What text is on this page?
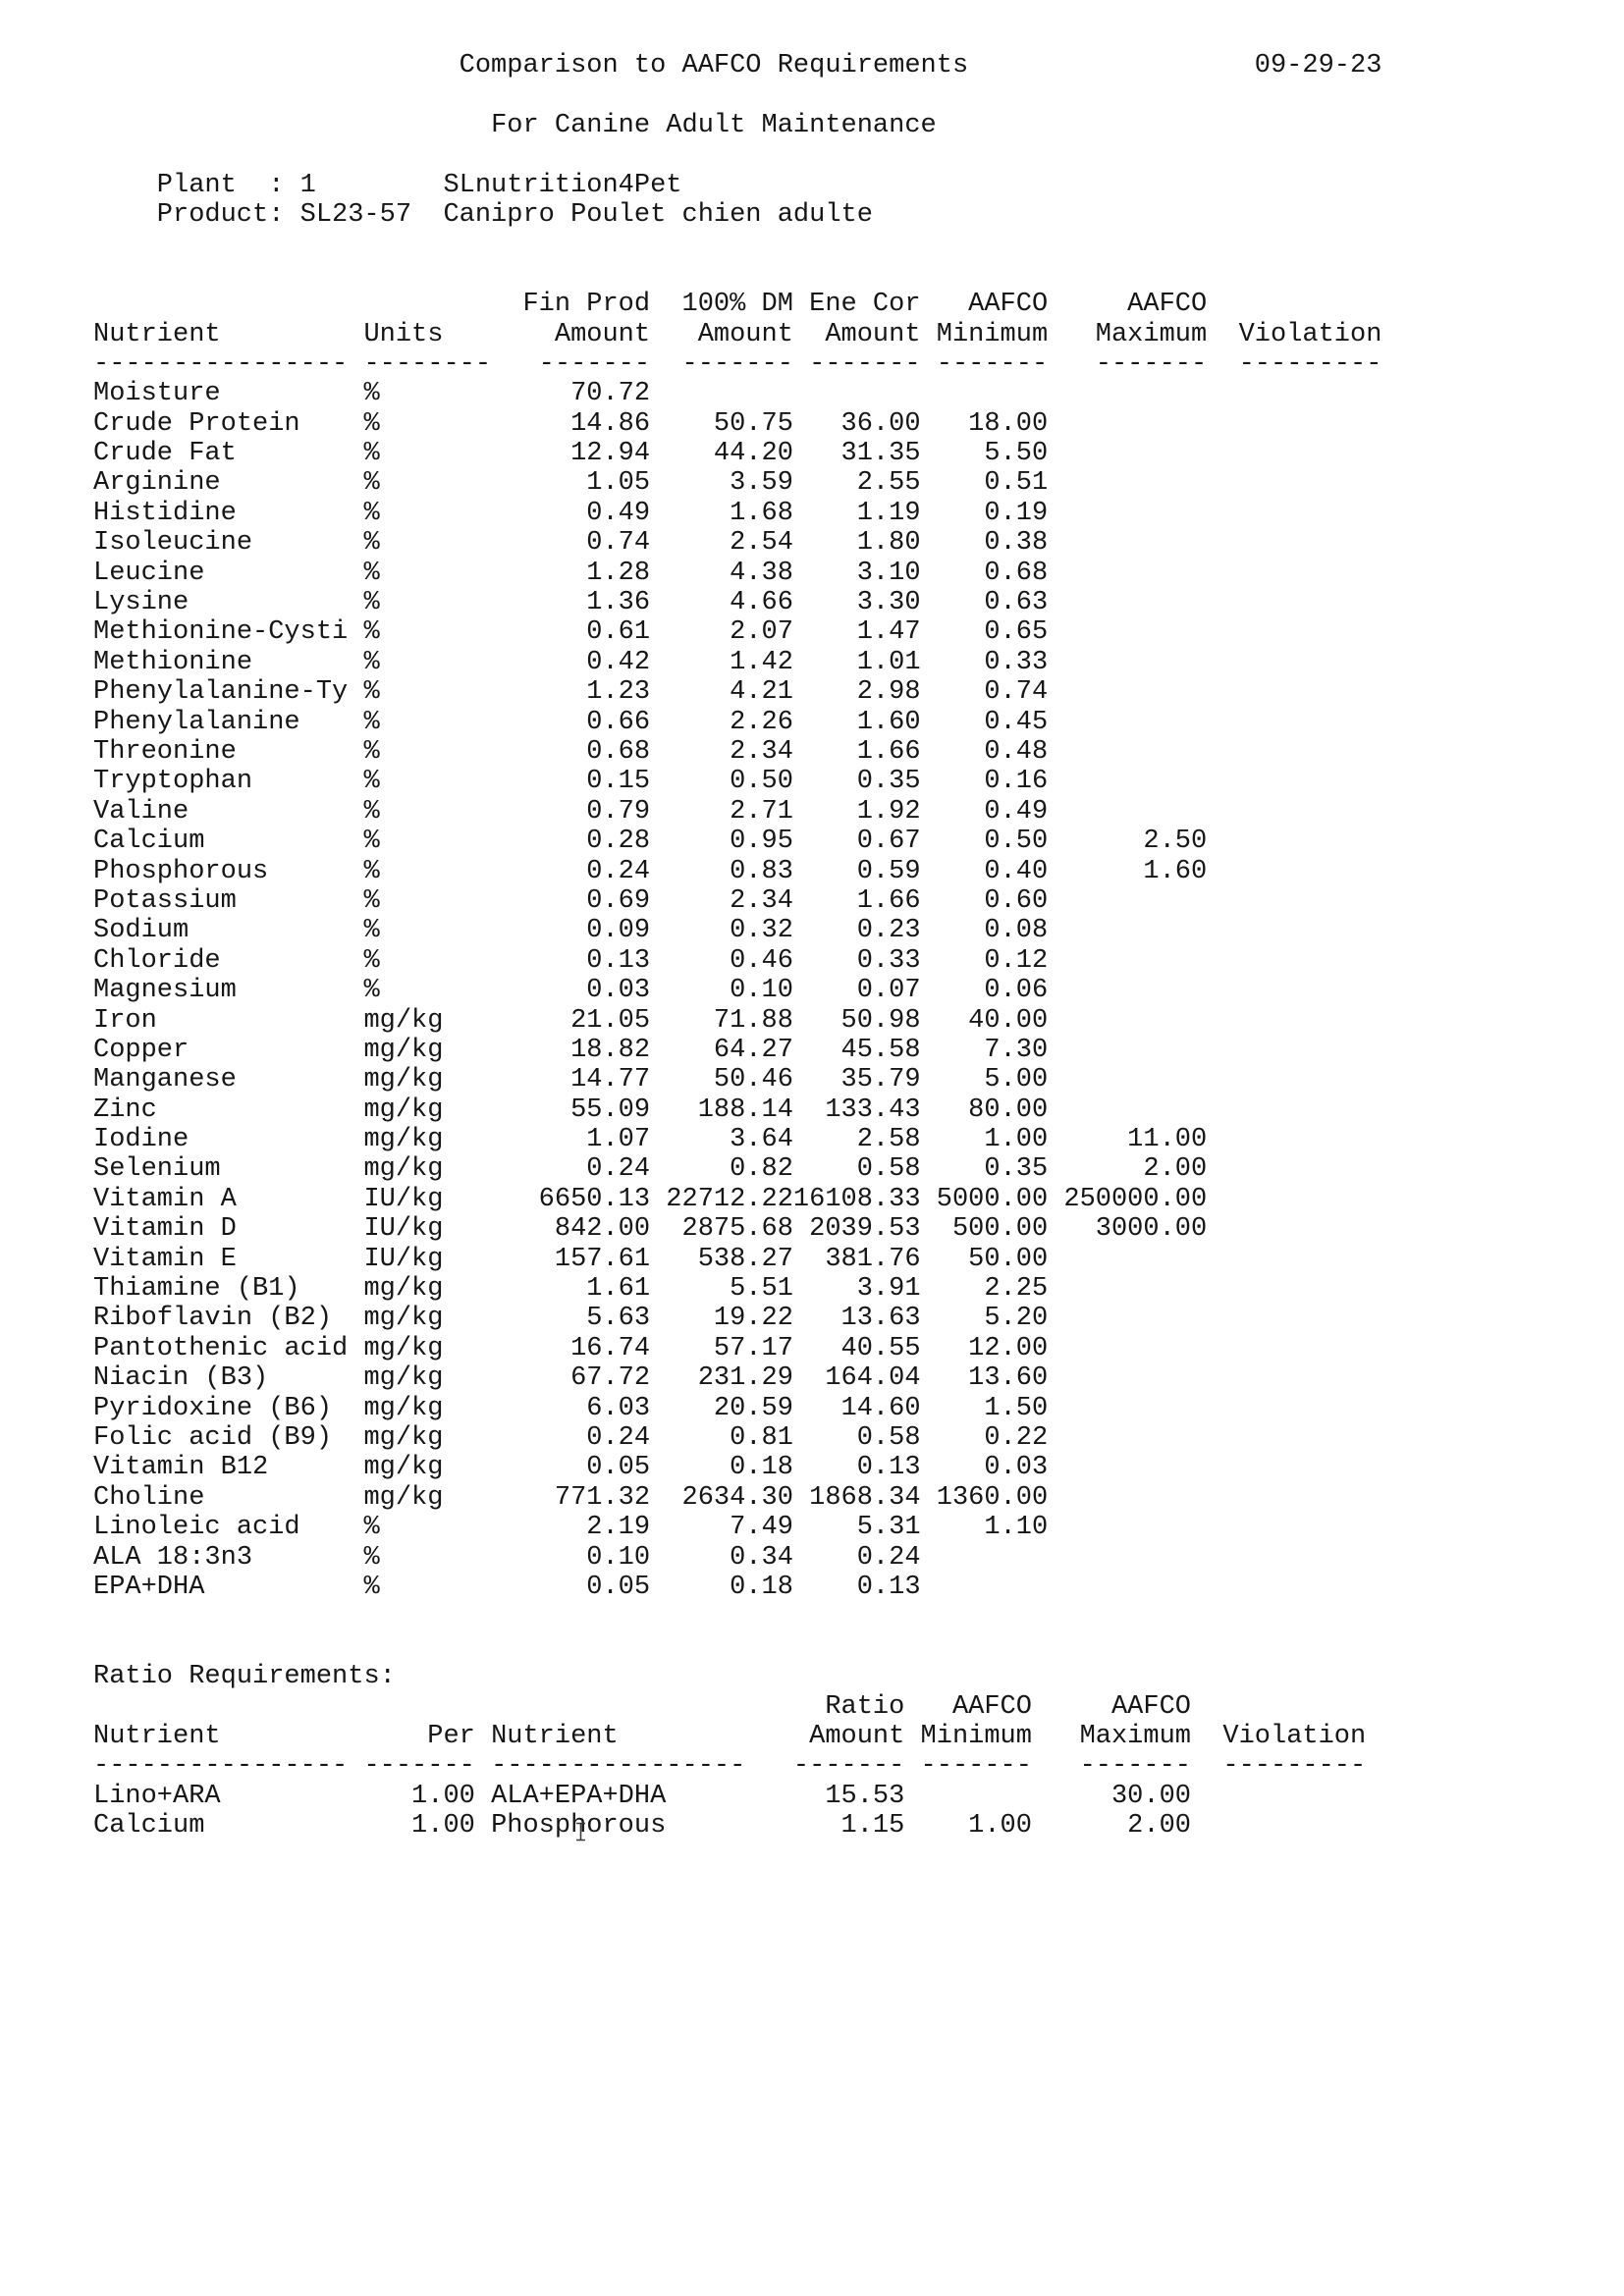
Comparison to AAFCO Requirements

	09-29-23

For Canine Adult Maintenance

Plant  :

1

	SLnutrition4Pet

Product:

SL23-57

Canipro Poulet chien adulte

Fin Prod  100% DM Ene Cor   AAFCO     AAFCO
Nutrient         Units       Amount   Amount  Amount Minimum   Maximum  Violation
---------------- --------   -------  ------- ------- -------   -------  ---------
Moisture         %            70.72
Crude Protein    %            14.86    50.75   36.00   18.00
Crude Fat        %            12.94    44.20   31.35    5.50
Arginine         %             1.05     3.59    2.55    0.51
Histidine        %             0.49     1.68    1.19    0.19
Isoleucine       %             0.74     2.54    1.80    0.38
Leucine          %             1.28     4.38    3.10    0.68
Lysine           %             1.36     4.66    3.30    0.63
Methionine-Cysti %             0.61     2.07    1.47    0.65
Methionine       %             0.42     1.42    1.01    0.33
Phenylalanine-Ty %             1.23     4.21    2.98    0.74
Phenylalanine    %             0.66     2.26    1.60    0.45
Threonine        %             0.68     2.34    1.66    0.48
Tryptophan       %             0.15     0.50    0.35    0.16
Valine           %             0.79     2.71    1.92    0.49
Calcium          %             0.28     0.95    0.67    0.50      2.50
Phosphorous      %             0.24     0.83    0.59    0.40      1.60
Potassium        %             0.69     2.34    1.66    0.60
Sodium           %             0.09     0.32    0.23    0.08
Chloride         %             0.13     0.46    0.33    0.12
Magnesium        %             0.03     0.10    0.07    0.06
Iron             mg/kg        21.05    71.88   50.98   40.00
Copper           mg/kg        18.82    64.27   45.58    7.30
Manganese        mg/kg        14.77    50.46   35.79    5.00
Zinc             mg/kg        55.09   188.14  133.43   80.00
Iodine           mg/kg         1.07     3.64    2.58    1.00     11.00
Selenium         mg/kg         0.24     0.82    0.58    0.35      2.00
Vitamin A        IU/kg      6650.13 22712.2216108.33 5000.00 250000.00
Vitamin D        IU/kg       842.00  2875.68 2039.53  500.00   3000.00
Vitamin E        IU/kg       157.61   538.27  381.76   50.00
Thiamine (B1)    mg/kg         1.61     5.51    3.91    2.25
Riboflavin (B2)  mg/kg         5.63    19.22   13.63    5.20
Pantothenic acid mg/kg        16.74    57.17   40.55   12.00
Niacin (B3)      mg/kg        67.72   231.29  164.04   13.60
Pyridoxine (B6)  mg/kg         6.03    20.59   14.60    1.50
Folic acid (B9)  mg/kg         0.24     0.81    0.58    0.22
Vitamin B12      mg/kg         0.05     0.18    0.13    0.03
Choline          mg/kg       771.32  2634.30 1868.34 1360.00
Linoleic acid    %             2.19     7.49    5.31    1.10
ALA 18:3n3       %             0.10     0.34    0.24
EPA+DHA          %             0.05     0.18    0.13

Ratio Requirements:

Ratio   AAFCO     AAFCO
Nutrient             Per Nutrient            Amount Minimum   Maximum  Violation
---------------- ------- ----------------   ------- -------   -------  ---------
Lino+ARA            1.00 ALA+EPA+DHA          15.53             30.00
Calcium             1.00 Phosphorous           1.15    1.00      2.00
